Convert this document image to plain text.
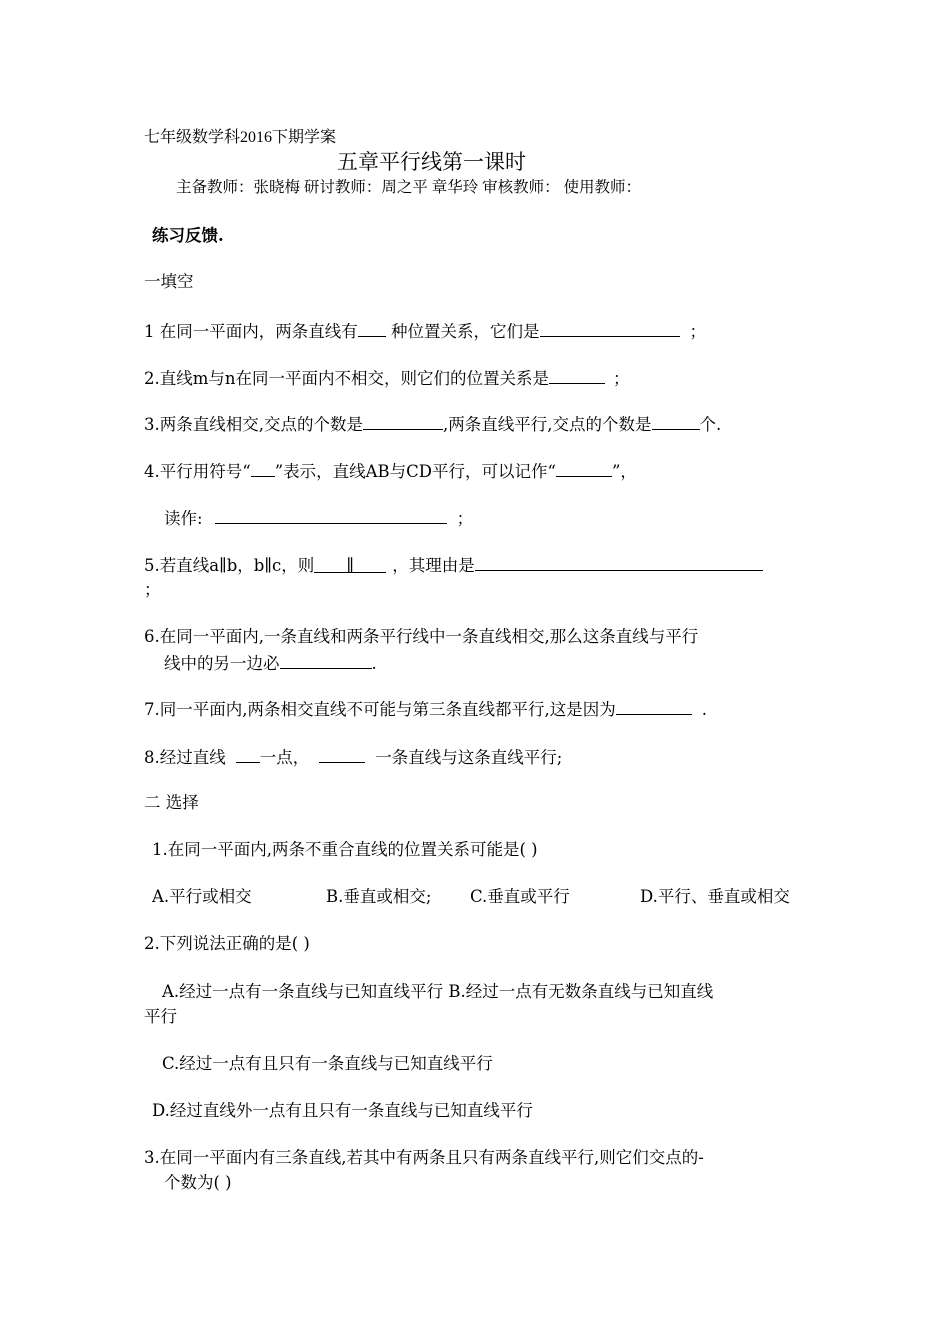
七年级数学科2016下期学案
五章平行线第一课时
主备教师：张晓梅 研讨教师：周之平 章华玲 审核教师： 使用教师：
练习反馈.
一填空
1 在同一平面内，两条直线有 种位置关系，它们是	；
2.直线m与n在同一平面内不相交，则它们的位置关系是	；
3.两条直线相交,交点的个数是	,两条直线平行,交点的个数是	个.
4.平行用符号“ ”表示，直线AB与CD平行，可以记作“	”，
读作:	；
5.若直线a∥b，b∥c，则 ∥ ，其理由是
；
6.在同一平面内,一条直线和两条平行线中一条直线相交,那么这条直线与平行
线中的另一边必	.
7.同一平面内,两条相交直线不可能与第三条直线都平行,这是因为	.
8.经过直线 一点，	一条直线与这条直线平行;
二 选择
1.在同一平面内,两条不重合直线的位置关系可能是( )
A.平行或相交	B.垂直或相交; C.垂直或平行	D.平行、垂直或相交
2.下列说法正确的是( )
A.经过一点有一条直线与已知直线平行 B.经过一点有无数条直线与已知直线
平行
C.经过一点有且只有一条直线与已知直线平行
D.经过直线外一点有且只有一条直线与已知直线平行
3.在同一平面内有三条直线,若其中有两条且只有两条直线平行,则它们交点的-
个数为( )
